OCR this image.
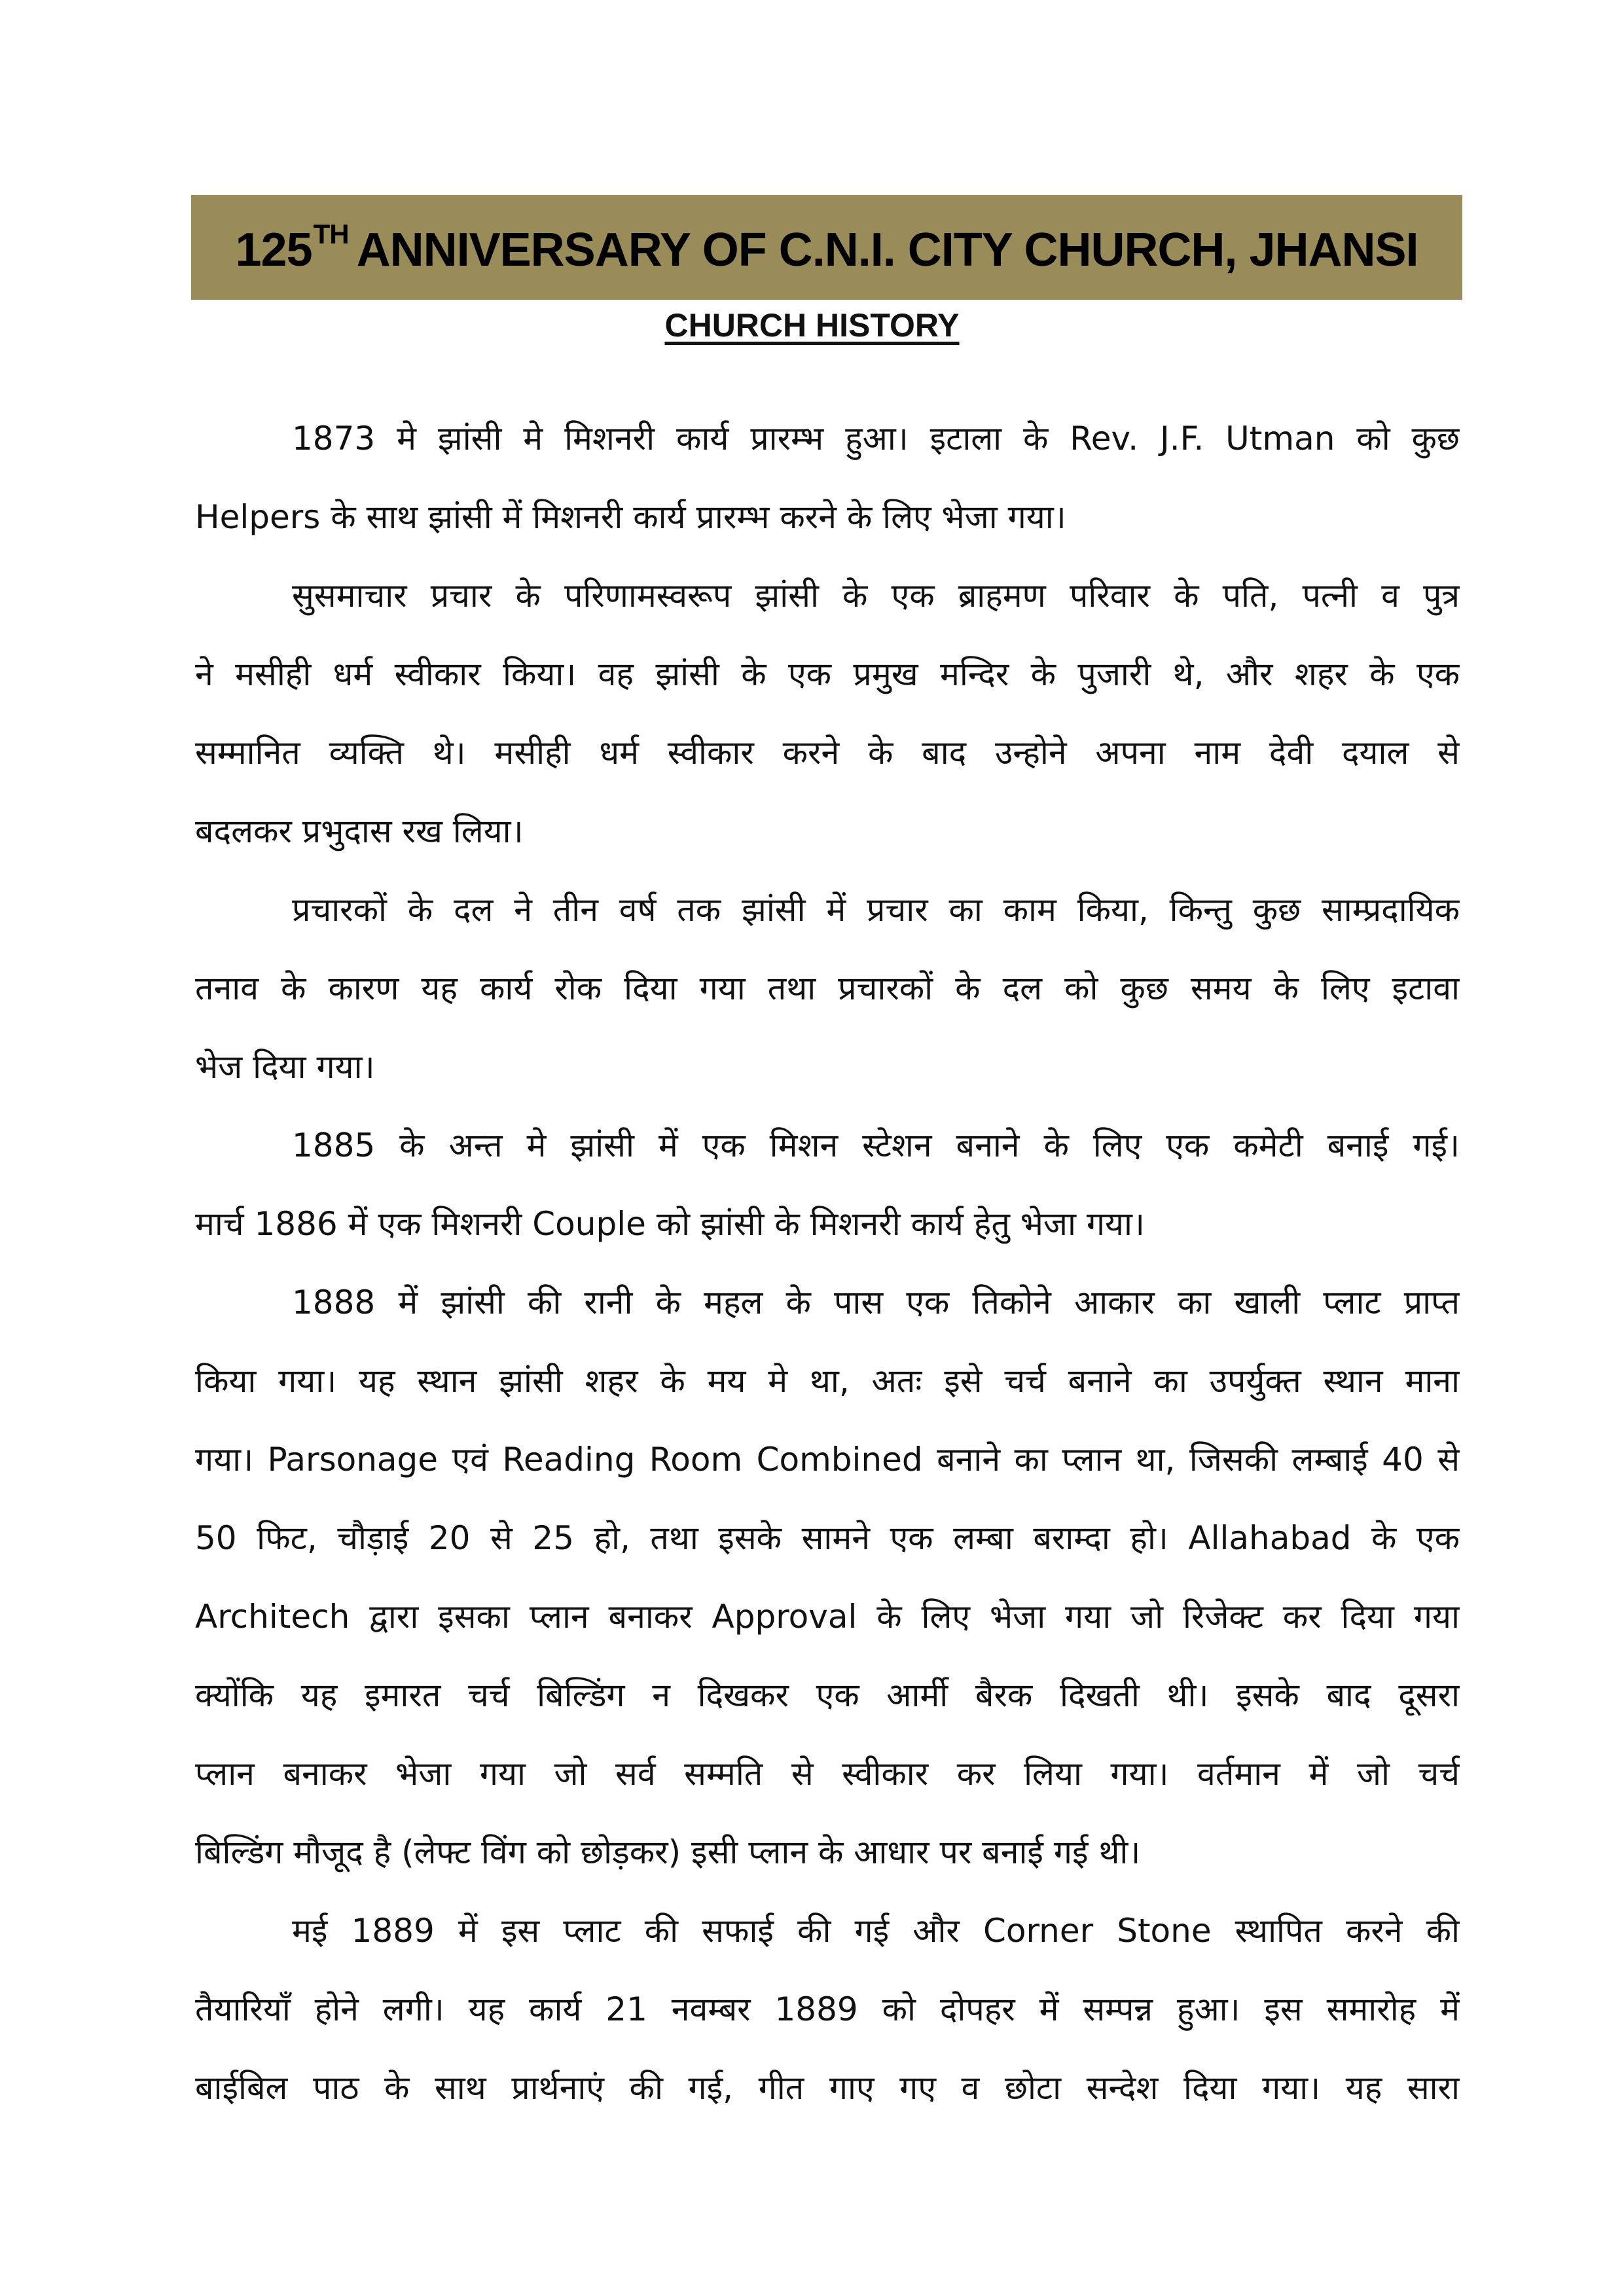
125TH ANNIVERSARY OF C.N.I. CITY CHURCH, JHANSI
CHURCH HISTORY
1873 मे झांसी मे मिशनरी कार्य प्रारम्भ हुआ। इटाला के Rev. J.F. Utman को कुछ
Helpers के साथ झांसी में मिशनरी कार्य प्रारम्भ करने के लिए भेजा गया।
सुसमाचार प्रचार के परिणामस्वरूप झांसी के एक ब्राहमण परिवार के पति, पत्नी व पुत्र
ने मसीही धर्म स्वीकार किया। वह झांसी के एक प्रमुख मन्दिर के पुजारी थे, और शहर के एक
सम्मानित व्यक्ति थे। मसीही धर्म स्वीकार करने के बाद उन्होने अपना नाम देवी दयाल से
बदलकर प्रभुदास रख लिया।
प्रचारकों के दल ने तीन वर्ष तक झांसी में प्रचार का काम किया, किन्तु कुछ साम्प्रदायिक
तनाव के कारण यह कार्य रोक दिया गया तथा प्रचारकों के दल को कुछ समय के लिए इटावा
भेज दिया गया।
1885 के अन्त मे झांसी में एक मिशन स्टेशन बनाने के लिए एक कमेटी बनाई गई।
मार्च 1886 में एक मिशनरी Couple को झांसी के मिशनरी कार्य हेतु भेजा गया।
1888 में झांसी की रानी के महल के पास एक तिकोने आकार का खाली प्लाट प्राप्त
किया गया। यह स्थान झांसी शहर के मय मे था, अतः इसे चर्च बनाने का उपर्युक्त स्थान माना
गया। Parsonage एवं Reading Room Combined बनाने का प्लान था, जिसकी लम्बाई 40 से
50 फिट, चौड़ाई 20 से 25 हो, तथा इसके सामने एक लम्बा बराम्दा हो। Allahabad के एक
Architech द्वारा इसका प्लान बनाकर Approval के लिए भेजा गया जो रिजेक्ट कर दिया गया
क्योंकि यह इमारत चर्च बिल्डिंग न दिखकर एक आर्मी बैरक दिखती थी। इसके बाद दूसरा
प्लान बनाकर भेजा गया जो सर्व सम्मति से स्वीकार कर लिया गया। वर्तमान में जो चर्च
बिल्डिंग मौजूद है (लेफ्ट विंग को छोड़कर) इसी प्लान के आधार पर बनाई गई थी।
मई 1889 में इस प्लाट की सफाई की गई और Corner Stone स्थापित करने की
तैयारियाँ होने लगी। यह कार्य 21 नवम्बर 1889 को दोपहर में सम्पन्न हुआ। इस समारोह में
बाईबिल पाठ के साथ प्रार्थनाएं की गई, गीत गाए गए व छोटा सन्देश दिया गया। यह सारा
